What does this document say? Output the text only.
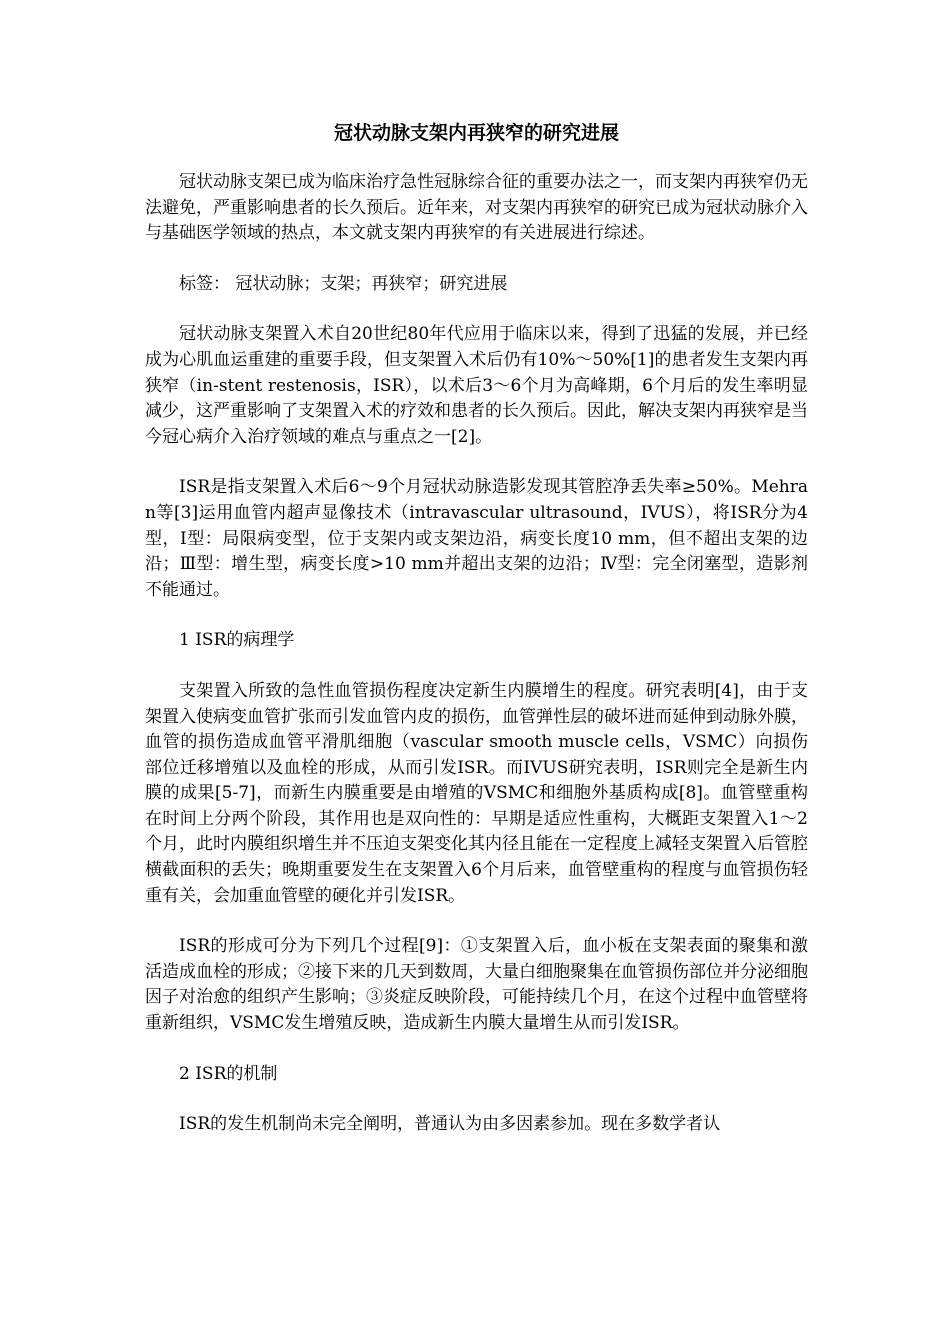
冠状动脉支架内再狭窄的研究进展

冠状动脉支架已成为临床治疗急性冠脉综合征的重要办法之一，而支架内再狭窄仍无法避免，严重影响患者的长久预后。近年来，对支架内再狭窄的研究已成为冠状动脉介入与基础医学领域的热点，本文就支架内再狭窄的有关进展进行综述。

标签： 冠状动脉；支架；再狭窄；研究进展

冠状动脉支架置入术自20世纪80年代应用于临床以来，得到了迅猛的发展，并已经成为心肌血运重建的重要手段，但支架置入术后仍有10%～50%[1]的患者发生支架内再狭窄（in-stent restenosis，ISR），以术后3～6个月为高峰期，6个月后的发生率明显减少，这严重影响了支架置入术的疗效和患者的长久预后。因此，解决支架内再狭窄是当今冠心病介入治疗领域的难点与重点之一[2]。

ISR是指支架置入术后6～9个月冠状动脉造影发现其管腔净丢失率≥50%。Mehran等[3]运用血管内超声显像技术（intravascular ultrasound，IVUS），将ISR分为4型，Ⅰ型：局限病变型，位于支架内或支架边沿，病变长度10 mm，但不超出支架的边沿；Ⅲ型：增生型，病变长度>10 mm并超出支架的边沿；Ⅳ型：完全闭塞型，造影剂不能通过。

1 ISR的病理学

支架置入所致的急性血管损伤程度决定新生内膜增生的程度。研究表明[4]，由于支架置入使病变血管扩张而引发血管内皮的损伤，血管弹性层的破坏进而延伸到动脉外膜，血管的损伤造成血管平滑肌细胞（vascular smooth muscle cells，VSMC）向损伤部位迁移增殖以及血栓的形成，从而引发ISR。而IVUS研究表明，ISR则完全是新生内膜的成果[5-7]，而新生内膜重要是由增殖的VSMC和细胞外基质构成[8]。血管壁重构在时间上分两个阶段，其作用也是双向性的：早期是适应性重构，大概距支架置入1～2个月，此时内膜组织增生并不压迫支架变化其内径且能在一定程度上减轻支架置入后管腔横截面积的丢失；晚期重要发生在支架置入6个月后来，血管壁重构的程度与血管损伤轻重有关，会加重血管壁的硬化并引发ISR。

ISR的形成可分为下列几个过程[9]：①支架置入后，血小板在支架表面的聚集和激活造成血栓的形成；②接下来的几天到数周，大量白细胞聚集在血管损伤部位并分泌细胞因子对治愈的组织产生影响；③炎症反映阶段，可能持续几个月，在这个过程中血管壁将重新组织，VSMC发生增殖反映，造成新生内膜大量增生从而引发ISR。

2 ISR的机制

ISR的发生机制尚未完全阐明，普通认为由多因素参加。现在多数学者认
